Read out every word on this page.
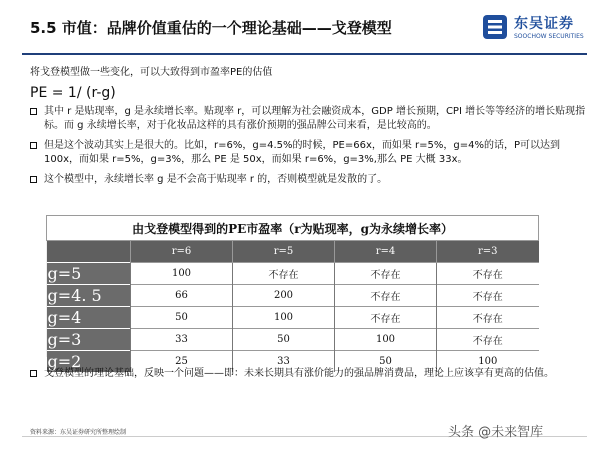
5.5 市值：品牌价值重估的一个理论基础——戈登模型	东吴证券
SOOCHOW SECURITIES
将戈登模型做一些变化，可以大致得到市盈率PE的估值
PE = 1/ (r-g)
其中 r 是贴现率，g 是永续增长率。贴现率 r，可以理解为社会融资成本，GDP 增长预期，CPI 增长等等经济的增长贴现指标。而 g 永续增长率，对于化妆品这样的具有涨价预期的强品牌公司来看，是比较高的。
但是这个波动其实上是很大的。比如，r=6%，g=4.5%的时候，PE=66x，而如果 r=5%，g=4%的话，P可以达到 100x，而如果 r=5%，g=3%，那么 PE 是 50x，而如果 r=6%，g=3%,那么 PE 大概 33x。
这个模型中，永续增长率 g 是不会高于贴现率 r 的，否则模型就是发散的了。
由戈登模型得到的PE市盈率（r为贴现率，g为永续增长率）				
	r=6	r=5	r=4	r=3
g=5	100	不存在	不存在	不存在
g=4. 5	66	200	不存在	不存在
g=4	50	100	不存在	不存在
g=3	33	50	100	不存在
g=2	25	33	50	100
戈登模型的理论基础，反映一个问题——即：未来长期具有涨价能力的强品牌消费品，理论上应该享有更高的估值。
资料来源：东吴证券研究所整理绘制	头条 @未来智库
